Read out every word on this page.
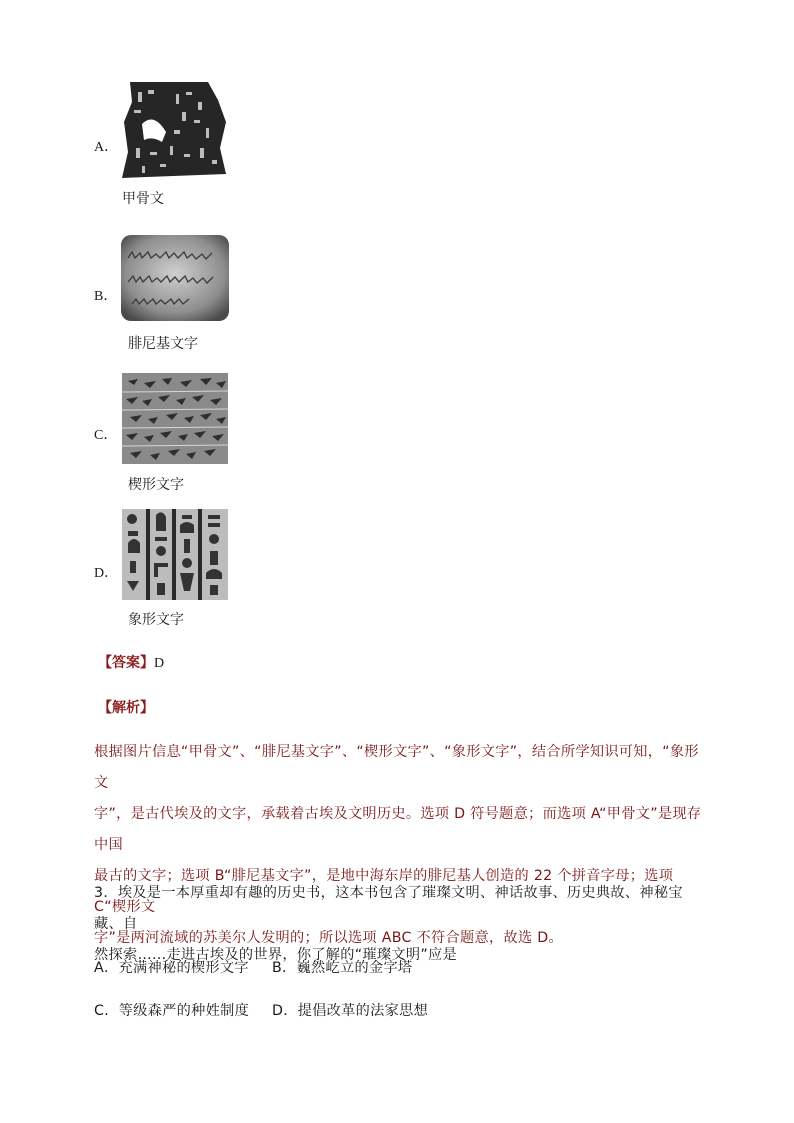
A．
甲骨文
B．
腓尼基文字
C．
楔形文字
D．
象形文字
【答案】D
【解析】

根据图片信息“甲骨文”、“腓尼基文字”、“楔形文字”、“象形文字”，结合所学知识可知，“象形文

字”，是古代埃及的文字，承载着古埃及文明历史。选项 D 符号题意；而选项 A“甲骨文”是现存中国

最古的文字；选项 B“腓尼基文字”，是地中海东岸的腓尼基人创造的 22 个拼音字母；选项 C“楔形文

字”是两河流域的苏美尔人发明的；所以选项 ABC 不符合题意，故选 D。

3．埃及是一本厚重却有趣的历史书，这本书包含了璀璨文明、神话故事、历史典故、神秘宝藏、自

然探索……走进古埃及的世界，你了解的“璀璨文明”应是

A．充满神秘的楔形文字 B．巍然屹立的金字塔
C．等级森严的种姓制度 D．提倡改革的法家思想
